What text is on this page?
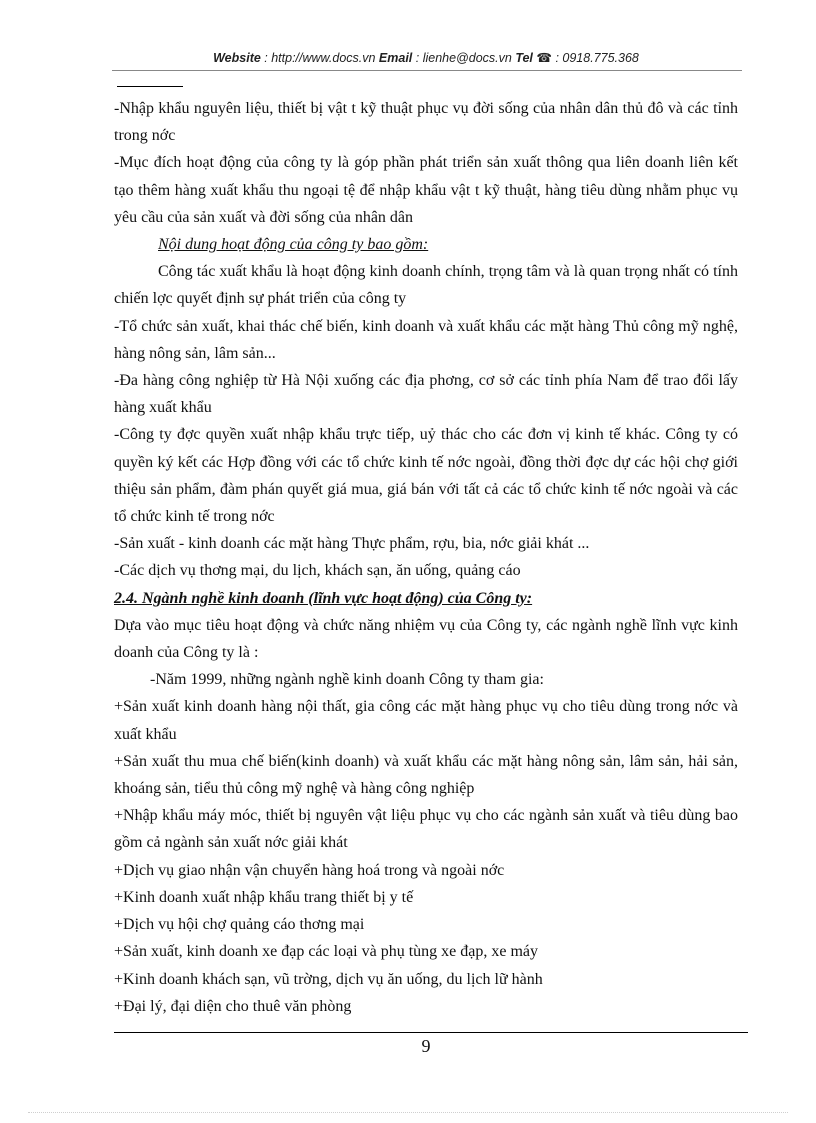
Website : http://www.docs.vn Email : lienhe@docs.vn Tel ☎ : 0918.775.368

-Nhập khẩu nguyên liệu, thiết bị vật t kỹ thuật phục vụ đời sống của nhân dân thủ đô và các tỉnh trong nớc

-Mục đích hoạt động của công ty là góp phần phát triển sản xuất thông qua liên doanh liên kết tạo thêm hàng xuất khẩu thu ngoại tệ để nhập khẩu vật t kỹ thuật, hàng tiêu dùng nhằm phục vụ yêu cầu của sản xuất và đời sống của nhân dân

Nội dung hoạt động của công ty bao gồm:

Công tác xuất khẩu là hoạt động kinh doanh chính, trọng tâm và là quan trọng nhất có tính chiến lợc quyết định sự phát triển của công ty

-Tổ chức sản xuất, khai thác chế biến, kinh doanh và xuất khẩu các mặt hàng Thủ công mỹ nghệ, hàng nông sản, lâm sản...

-Đa hàng công nghiệp từ Hà Nội xuống các địa phơng, cơ sở các tỉnh phía Nam để trao đổi lấy hàng xuất khẩu

-Công ty đợc quyền xuất nhập khẩu trực tiếp, uỷ thác cho các đơn vị kinh tế khác. Công ty có quyền ký kết các Hợp đồng với các tổ chức kinh tế nớc ngoài, đồng thời đợc dự các hội chợ giới thiệu sản phẩm, đàm phán quyết giá mua, giá bán với tất cả các tổ chức kinh tế nớc ngoài và các tổ chức kinh tế trong nớc

-Sản xuất - kinh doanh các mặt hàng Thực phẩm, rợu, bia, nớc giải khát ...

-Các dịch vụ thơng mại, du lịch, khách sạn, ăn uống, quảng cáo

2.4. Ngành nghề kinh doanh (lĩnh vực hoạt động) của Công ty:

Dựa vào mục tiêu hoạt động và chức năng nhiệm vụ của Công ty, các ngành nghề lĩnh vực kinh doanh của Công ty là :

-Năm 1999, những ngành nghề kinh doanh Công ty tham gia:

+Sản xuất kinh doanh hàng nội thất, gia công các mặt hàng phục vụ cho tiêu dùng trong nớc và xuất khẩu

+Sản xuất thu mua chế biến(kinh doanh) và xuất khẩu các mặt hàng nông sản, lâm sản, hải sản, khoáng sản, tiểu thủ công mỹ nghệ và hàng công nghiệp

+Nhập khẩu máy móc, thiết bị nguyên vật liệu phục vụ cho các ngành sản xuất và tiêu dùng bao gồm cả ngành sản xuất nớc giải khát

+Dịch vụ giao nhận vận chuyển hàng hoá trong và ngoài nớc

+Kinh doanh xuất nhập khẩu trang thiết bị y tế

+Dịch vụ hội chợ quảng cáo thơng mại

+Sản xuất, kinh doanh xe đạp các loại và phụ tùng xe đạp, xe máy

+Kinh doanh khách sạn, vũ trờng, dịch vụ ăn uống, du lịch lữ hành

+Đại lý, đại diện cho thuê văn phòng

9
